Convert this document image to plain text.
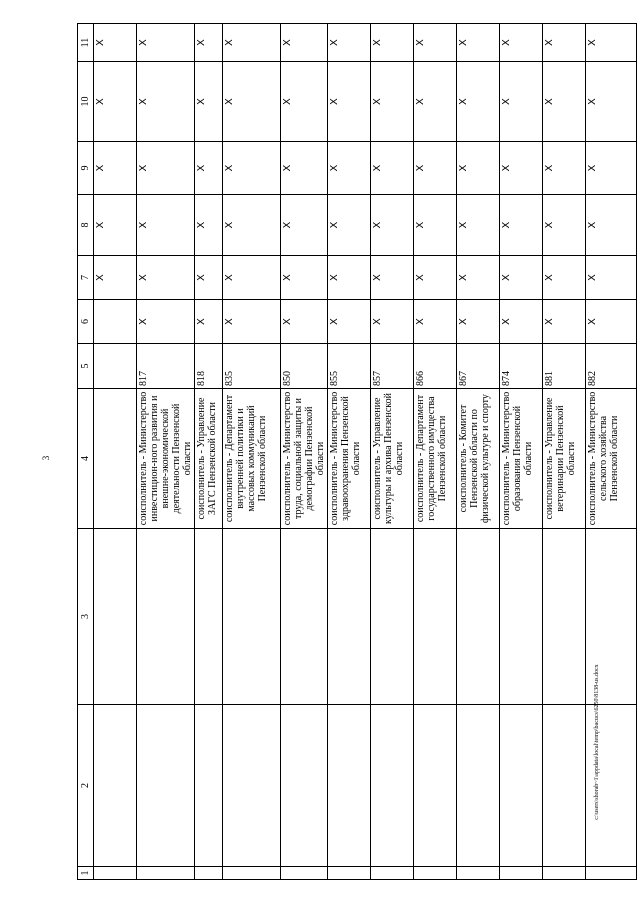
3
1	2	3	4	5	6	7	8	9	10	11
						X	X	X	X	X
			соисполнитель - Министерство инвестицион-ного развития и внешне-экономической деятельности Пензенской области	817	X	X	X	X	X	X
			соисполнитель - Управление ЗАГС Пензенской области	818	X	X	X	X	X	X
			соисполнитель - Департамент внутренней политики и массовых коммуникаций Пензенской области	835	X	X	X	X	X	X
			соисполнитель - Министерство труда, социальной защиты и демографии Пензенской области	850	X	X	X	X	X	X
			соисполнитель - Министерство здравоохранения Пензенской области	855	X	X	X	X	X	X
			соисполнитель - Управление культуры и архива Пензенской области	857	X	X	X	X	X	X
			соисполнитель - Департамент государственного имущества Пензенской области	866	X	X	X	X	X	X
			соисполнитель - Комитет Пензенской области по физической культуре и спорту	867	X	X	X	X	X	X
			соисполнитель - Министерство образования Пензенской области	874	X	X	X	X	X	X
			соисполнитель - Управление ветеринарии Пензенской области	881	X	X	X	X	X	X
			соисполнитель - Министерство сельского хозяйства Пензенской области	882	X	X	X	X	X	X
c:\users\shorab~1\appdata\local\temp\bacucs\6250\8138-us.docx
